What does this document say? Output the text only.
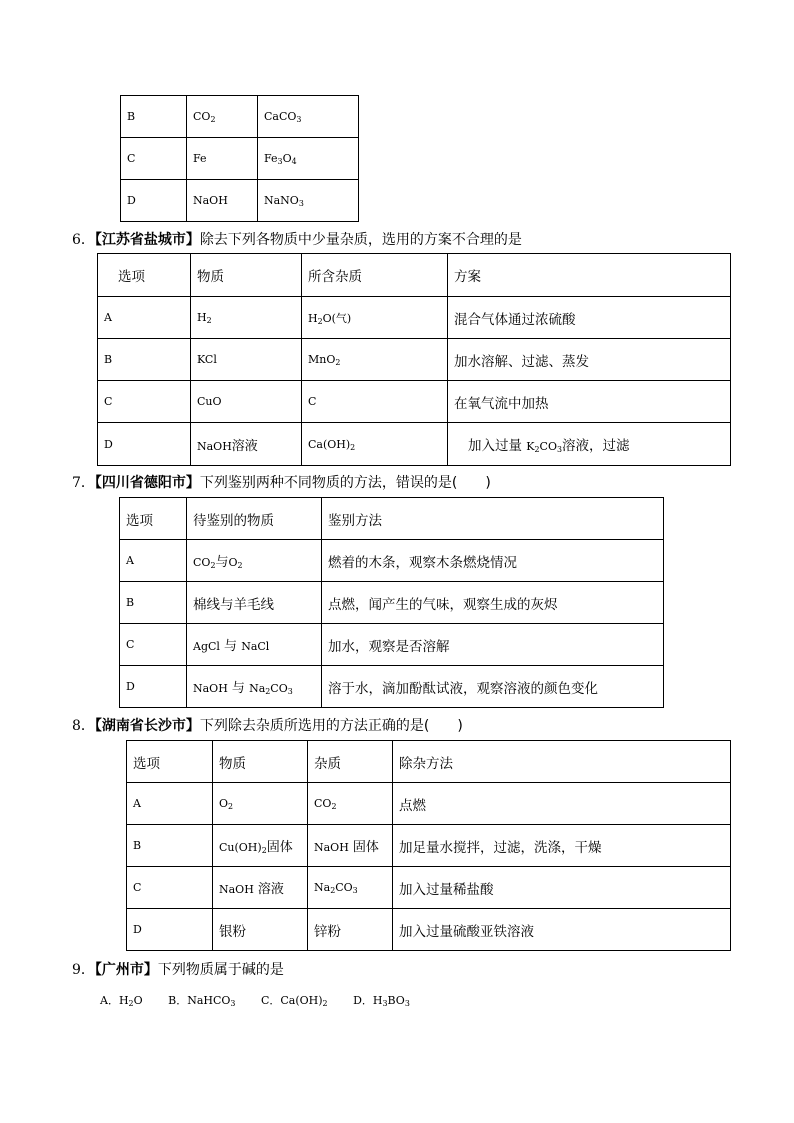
B	$CO_2$	CaCO$_3$
C	Fe	$Fe_3O_4$
D	NaOH	NaNO$_3$
6．【江苏省盐城市】除去下列各物质中少量杂质，选用的方案不合理的是
选项	物质	所含杂质	方案
A	$H_2$	$H_2O$(气)	混合气体通过浓硫酸
B	KCl	MnO$_2$	加水溶解、过滤、蒸发
C	CuO	C	在氧气流中加热
D	NaOH溶液	$Ca(OH)_2$	加入过量 $K_2CO_3$溶液，过滤
7．【四川省德阳市】下列鉴别两种不同物质的方法，错误的是(　　)
选项	待鉴别的物质	鉴别方法
A	$CO_2$与$O_2$	燃着的木条，观察木条燃烧情况
B	棉线与羊毛线	点燃，闻产生的气味，观察生成的灰烬
C	AgCl 与 NaCl	加水，观察是否溶解
D	NaOH 与 $Na_2CO_3$	溶于水，滴加酚酞试液，观察溶液的颜色变化
8．【湖南省长沙市】下列除去杂质所选用的方法正确的是(　　)
选项	物质	杂质	除杂方法
A	$O_2$	$CO_2$	点燃
B	$Cu(OH)_2$固体	NaOH 固体	加足量水搅拌，过滤，洗涤，干燥
C	NaOH 溶液	$Na_2CO_3$	加入过量稀盐酸
D	银粉	锌粉	加入过量硫酸亚铁溶液
9．【广州市】下列物质属于碱的是
A．$H_2O$ B．NaHCO$_3$ C．$Ca(OH)_2$ D．$H_3BO_3$
